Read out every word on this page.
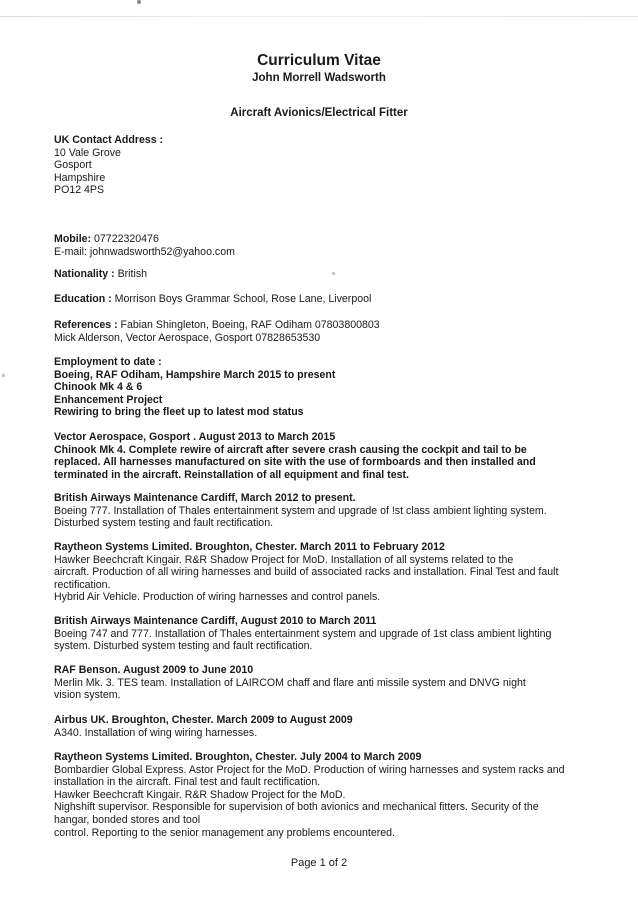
Curriculum Vitae
John Morrell Wadsworth
Aircraft Avionics/Electrical Fitter
UK Contact Address :
10 Vale Grove
Gosport
Hampshire
PO12 4PS
Mobile: 07722320476
E-mail: johnwadsworth52@yahoo.com
Nationality : British
Education : Morrison Boys Grammar School, Rose Lane, Liverpool
References : Fabian Shingleton, Boeing, RAF Odiham 07803800803
Mick Alderson, Vector Aerospace, Gosport 07828653530
Employment to date :
Boeing, RAF Odiham, Hampshire March 2015 to present
Chinook Mk 4 & 6
Enhancement Project
Rewiring to bring the fleet up to latest mod status
Vector Aerospace, Gosport . August 2013 to March 2015
Chinook Mk 4. Complete rewire of aircraft after severe crash causing the cockpit and tail to be
replaced. All harnesses manufactured on site with the use of formboards and then installed and
terminated in the aircraft. Reinstallation of all equipment and final test.
British Airways Maintenance Cardiff, March 2012 to present.
Boeing 777. Installation of Thales entertainment system and upgrade of !st class ambient lighting system.
Disturbed system testing and fault rectification.
Raytheon Systems Limited. Broughton, Chester. March 2011 to February 2012
Hawker Beechcraft Kingair. R&R Shadow Project for MoD. Installation of all systems related to the
aircraft. Production of all wiring harnesses and build of associated racks and installation. Final Test and fault
rectification.
Hybrid Air Vehicle. Production of wiring harnesses and control panels.
British Airways Maintenance Cardiff, August 2010 to March 2011
Boeing 747 and 777. Installation of Thales entertainment system and upgrade of 1st class ambient lighting
system. Disturbed system testing and fault rectification.
RAF Benson. August 2009 to June 2010
Merlin Mk. 3. TES team. Installation of LAIRCOM chaff and flare anti missile system and DNVG night
vision system.
Airbus UK. Broughton, Chester. March 2009 to August 2009
A340. Installation of wing wiring harnesses.
Raytheon Systems Limited. Broughton, Chester. July 2004 to March 2009
Bombardier Global Express. Astor Project for the MoD. Production of wiring harnesses and system racks and
installation in the aircraft. Final test and fault rectification.
Hawker Beechcraft Kingair. R&R Shadow Project for the MoD.
Nighshift supervisor. Responsible for supervision of both avionics and mechanical fitters. Security of the
hangar, bonded stores and tool
control. Reporting to the senior management any problems encountered.
Page 1 of 2
